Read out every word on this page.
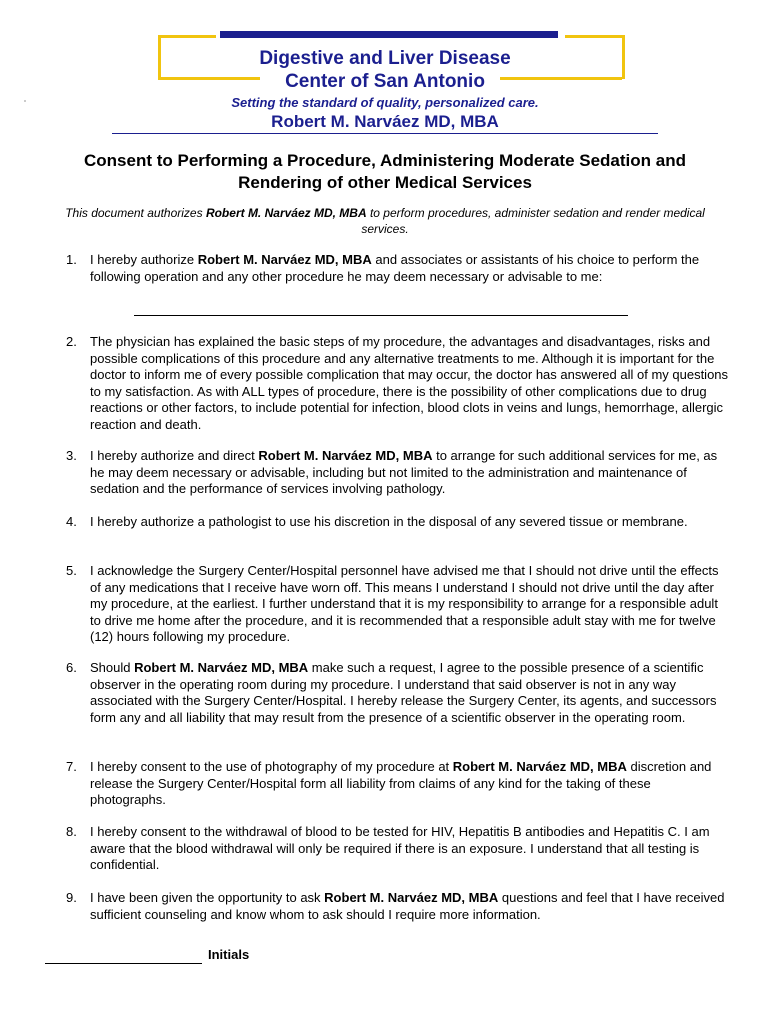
Digestive and Liver Disease
Center of San Antonio
Setting the standard of quality, personalized care.
Robert M. Narváez MD, MBA
Consent to Performing a Procedure, Administering Moderate Sedation and Rendering of other Medical Services
This document authorizes Robert M. Narváez MD, MBA to perform procedures, administer sedation and render medical services.
1. I hereby authorize Robert M. Narváez MD, MBA and associates or assistants of his choice to perform the following operation and any other procedure he may deem necessary or advisable to me:
2. The physician has explained the basic steps of my procedure, the advantages and disadvantages, risks and possible complications of this procedure and any alternative treatments to me. Although it is important for the doctor to inform me of every possible complication that may occur, the doctor has answered all of my questions to my satisfaction. As with ALL types of procedure, there is the possibility of other complications due to drug reactions or other factors, to include potential for infection, blood clots in veins and lungs, hemorrhage, allergic reaction and death.
3. I hereby authorize and direct Robert M. Narváez MD, MBA to arrange for such additional services for me, as he may deem necessary or advisable, including but not limited to the administration and maintenance of sedation and the performance of services involving pathology.
4. I hereby authorize a pathologist to use his discretion in the disposal of any severed tissue or membrane.
5. I acknowledge the Surgery Center/Hospital personnel have advised me that I should not drive until the effects of any medications that I receive have worn off. This means I understand I should not drive until the day after my procedure, at the earliest. I further understand that it is my responsibility to arrange for a responsible adult to drive me home after the procedure, and it is recommended that a responsible adult stay with me for twelve (12) hours following my procedure.
6. Should Robert M. Narváez MD, MBA make such a request, I agree to the possible presence of a scientific observer in the operating room during my procedure. I understand that said observer is not in any way associated with the Surgery Center/Hospital. I hereby release the Surgery Center, its agents, and successors form any and all liability that may result from the presence of a scientific observer in the operating room.
7. I hereby consent to the use of photography of my procedure at Robert M. Narváez MD, MBA discretion and release the Surgery Center/Hospital form all liability from claims of any kind for the taking of these photographs.
8. I hereby consent to the withdrawal of blood to be tested for HIV, Hepatitis B antibodies and Hepatitis C. I am aware that the blood withdrawal will only be required if there is an exposure. I understand that all testing is confidential.
9. I have been given the opportunity to ask Robert M. Narváez MD, MBA questions and feel that I have received sufficient counseling and know whom to ask should I require more information.
Initials
